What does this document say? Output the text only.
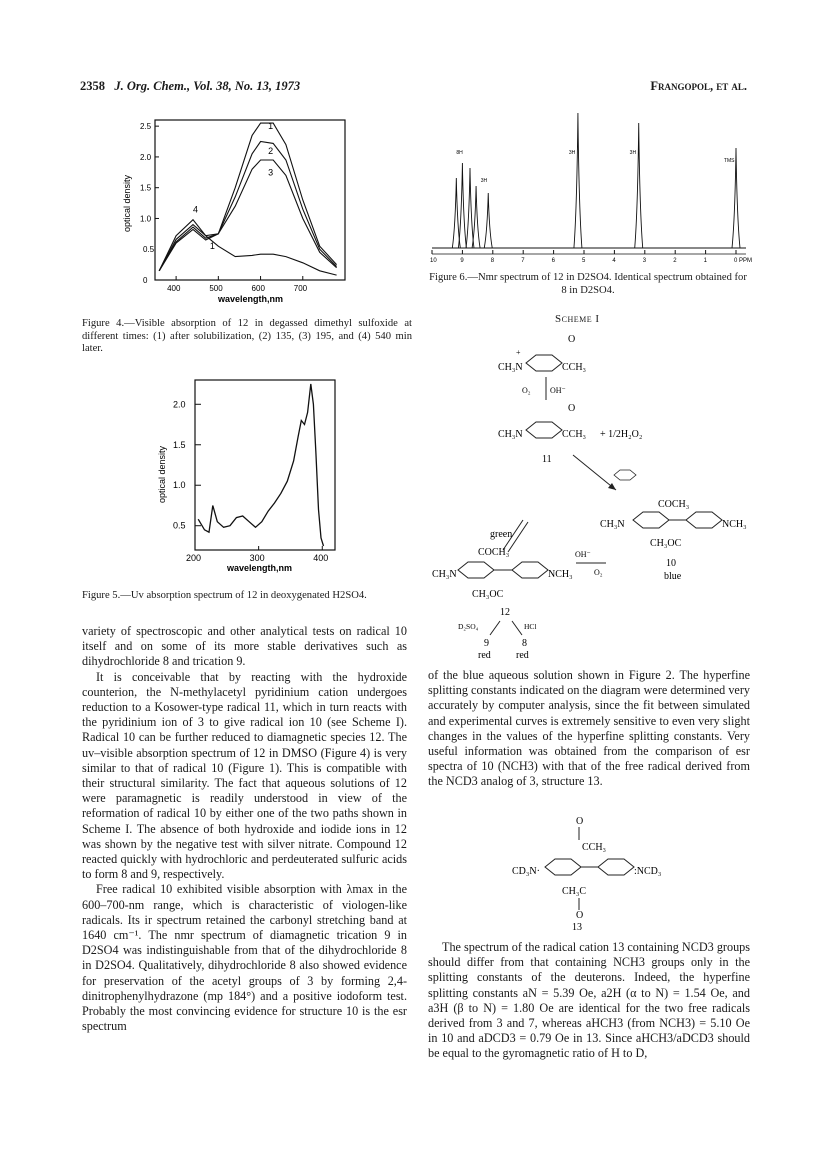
2358 J. Org. Chem., Vol. 38, No. 13, 1973	Frangopol, et al.
400	500	600	700
1.0
1.5
2.0
2.5
0.5
0
wavelength,nm
optical density
1
2
3
4
1
Figure 4.—Visible absorption of 12 in degassed dimethyl sulfoxide at different times: (1) after solubilization, (2) 135, (3) 195, and (4) 540 min later.
200	300	400
0.5
1.0
1.5
2.0
wavelength,nm
optical density
Figure 5.—Uv absorption spectrum of 12 in deoxygenated H2SO4.

variety of spectroscopic and other analytical tests on radical 10 itself and on some of its more stable derivatives such as dihydrochloride 8 and trication 9.

It is conceivable that by reacting with the hydroxide counterion, the N-methylacetyl pyridinium cation undergoes reduction to a Kosower-type radical 11, which in turn reacts with the pyridinium ion of 3 to give radical ion 10 (see Scheme I). Radical 10 can be further reduced to diamagnetic species 12. The uv–visible absorption spectrum of 12 in DMSO (Figure 4) is very similar to that of radical 10 (Figure 1). This is compatible with their structural similarity. The fact that aqueous solutions of 12 were paramagnetic is readily understood in view of the reformation of radical 10 by either one of the two paths shown in Scheme I. The absence of both hydroxide and iodide ions in 12 was shown by the negative test with silver nitrate. Compound 12 reacted quickly with hydrochloric and perdeuterated sulfuric acids to form 8 and 9, respectively.

Free radical 10 exhibited visible absorption with λmax in the 600–700-nm range, which is characteristic of viologen-like radicals. Its ir spectrum retained the carbonyl stretching band at 1640 cm⁻¹. The nmr spectrum of diamagnetic trication 9 in D2SO4 was indistinguishable from that of the dihydrochloride 8 in D2SO4. Qualitatively, dihydrochloride 8 also showed evidence for preservation of the acetyl groups of 3 by forming 2,4-dinitrophenylhydrazone (mp 184°) and a positive iodoform test. Probably the most convincing evidence for structure 10 is the esr spectrum

10	9	8	7	6	5	4	3	2	1	0 PPM
TMS
8H	3H	3H
3H
Figure 6.—Nmr spectrum of 12 in D2SO4. Identical spectrum obtained for 8 in D2SO4.
Scheme I
CH₃N	CCH₃
O
+
O₂ OH⁻
CH₃N	CCH₃
O
+ 1/2H₂O₂
11
CH₃N	NCH₃
COCH₃
CH₃OC
10
blue
green
OH⁻
O₂
CH₃N	NCH₃
COCH₃
CH₃OC
12
D₂SO₄	HCl
9	8
red	red
of the blue aqueous solution shown in Figure 2. The hyperfine splitting constants indicated on the diagram were determined very accurately by computer analysis, since the fit between simulated and experimental curves is extremely sensitive to even very slight changes in the values of the hyperfine splitting constants. Very useful information was obtained from the comparison of esr spectra of 10 (NCH3) with that of the free radical derived from the NCD3 analog of 3, structure 13.
O
CCH₃
CD₃N·	:NCD₃
CH₃C
O
13
The spectrum of the radical cation 13 containing NCD3 groups should differ from that containing NCH3 groups only in the splitting constants of the deuterons. Indeed, the hyperfine splitting constants aN = 5.39 Oe, a2H (α to N) = 1.54 Oe, and a3H (β to N) = 1.80 Oe are identical for the two free radicals derived from 3 and 7, whereas aHCH3 (from NCH3) = 5.10 Oe in 10 and aDCD3 = 0.79 Oe in 13. Since aHCH3/aDCD3 should be equal to the gyromagnetic ratio of H to D,
